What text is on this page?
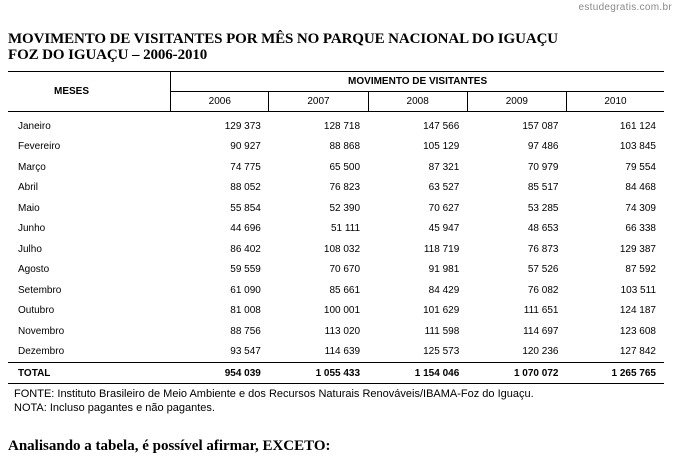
estudegratis.com.br
MOVIMENTO DE VISITANTES POR MÊS NO PARQUE NACIONAL DO IGUAÇU
FOZ DO IGUAÇU – 2006-2010
MESES	MOVIMENTO DE VISITANTES				
	2006	2007	2008	2009	2010
Janeiro	129 373	128 718	147 566	157 087	161 124
Fevereiro	90 927	88 868	105 129	97 486	103 845
Março	74 775	65 500	87 321	70 979	79 554
Abril	88 052	76 823	63 527	85 517	84 468
Maio	55 854	52 390	70 627	53 285	74 309
Junho	44 696	51 111	45 947	48 653	66 338
Julho	86 402	108 032	118 719	76 873	129 387
Agosto	59 559	70 670	91 981	57 526	87 592
Setembro	61 090	85 661	84 429	76 082	103 511
Outubro	81 008	100 001	101 629	111 651	124 187
Novembro	88 756	113 020	111 598	114 697	123 608
Dezembro	93 547	114 639	125 573	120 236	127 842
TOTAL	954 039	1 055 433	1 154 046	1 070 072	1 265 765
FONTE: Instituto Brasileiro de Meio Ambiente e dos Recursos Naturais Renováveis/IBAMA-Foz do Iguaçu.
NOTA: Incluso pagantes e não pagantes.
Analisando a tabela, é possível afirmar, EXCETO:
